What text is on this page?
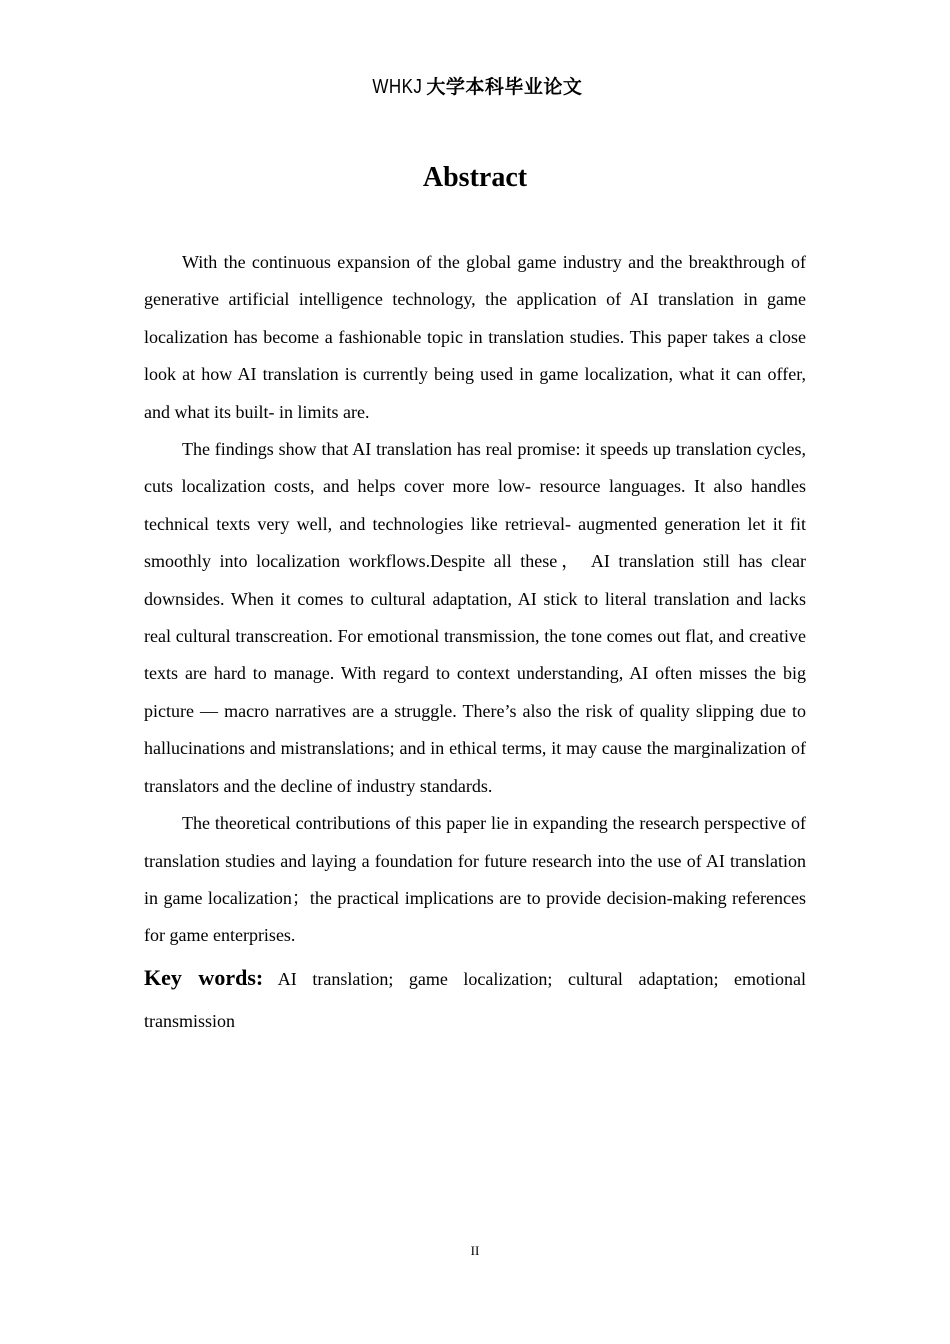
WHKJ 大学本科毕业论文
Abstract

With the continuous expansion of the global game industry and the breakthrough of generative artificial intelligence technology, the application of AI translation in game localization has become a fashionable topic in translation studies. This paper takes a close look at how AI translation is currently being used in game localization, what it can offer, and what its built- in limits are.

The findings show that AI translation has real promise: it speeds up translation cycles, cuts localization costs, and helps cover more low- resource languages. It also handles technical texts very well, and technologies like retrieval- augmented generation let it fit smoothly into localization workflows.Despite all these， AI translation still has clear downsides. When it comes to cultural adaptation, AI stick to literal translation and lacks real cultural transcreation. For emotional transmission, the tone comes out flat, and creative texts are hard to manage. With regard to context understanding, AI often misses the big picture — macro narratives are a struggle. There’s also the risk of quality slipping due to hallucinations and mistranslations; and in ethical terms, it may cause the marginalization of translators and the decline of industry standards.

The theoretical contributions of this paper lie in expanding the research perspective of translation studies and laying a foundation for future research into the use of AI translation in game localization；the practical implications are to provide decision-making references for game enterprises.

Key words: AI translation; game localization; cultural adaptation; emotional transmission

II
